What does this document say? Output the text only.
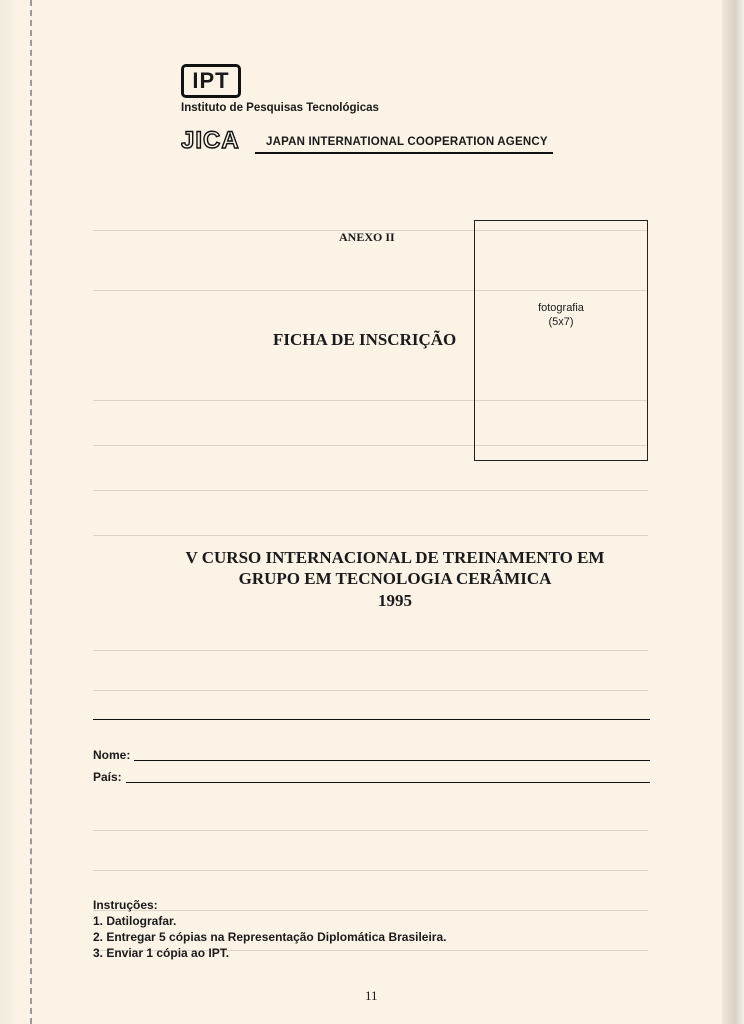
IPT
Instituto de Pesquisas Tecnológicas
JICA JAPAN INTERNATIONAL COOPERATION AGENCY
ANEXO II
fotografia
(5x7)
FICHA DE INSCRIÇÃO
V CURSO INTERNACIONAL DE TREINAMENTO EM
GRUPO EM TECNOLOGIA CERÂMICA
1995
Nome:
País:
Instruções:
1. Datilografar.
2. Entregar 5 cópias na Representação Diplomática Brasileira.
3. Enviar 1 cópia ao IPT.
11
